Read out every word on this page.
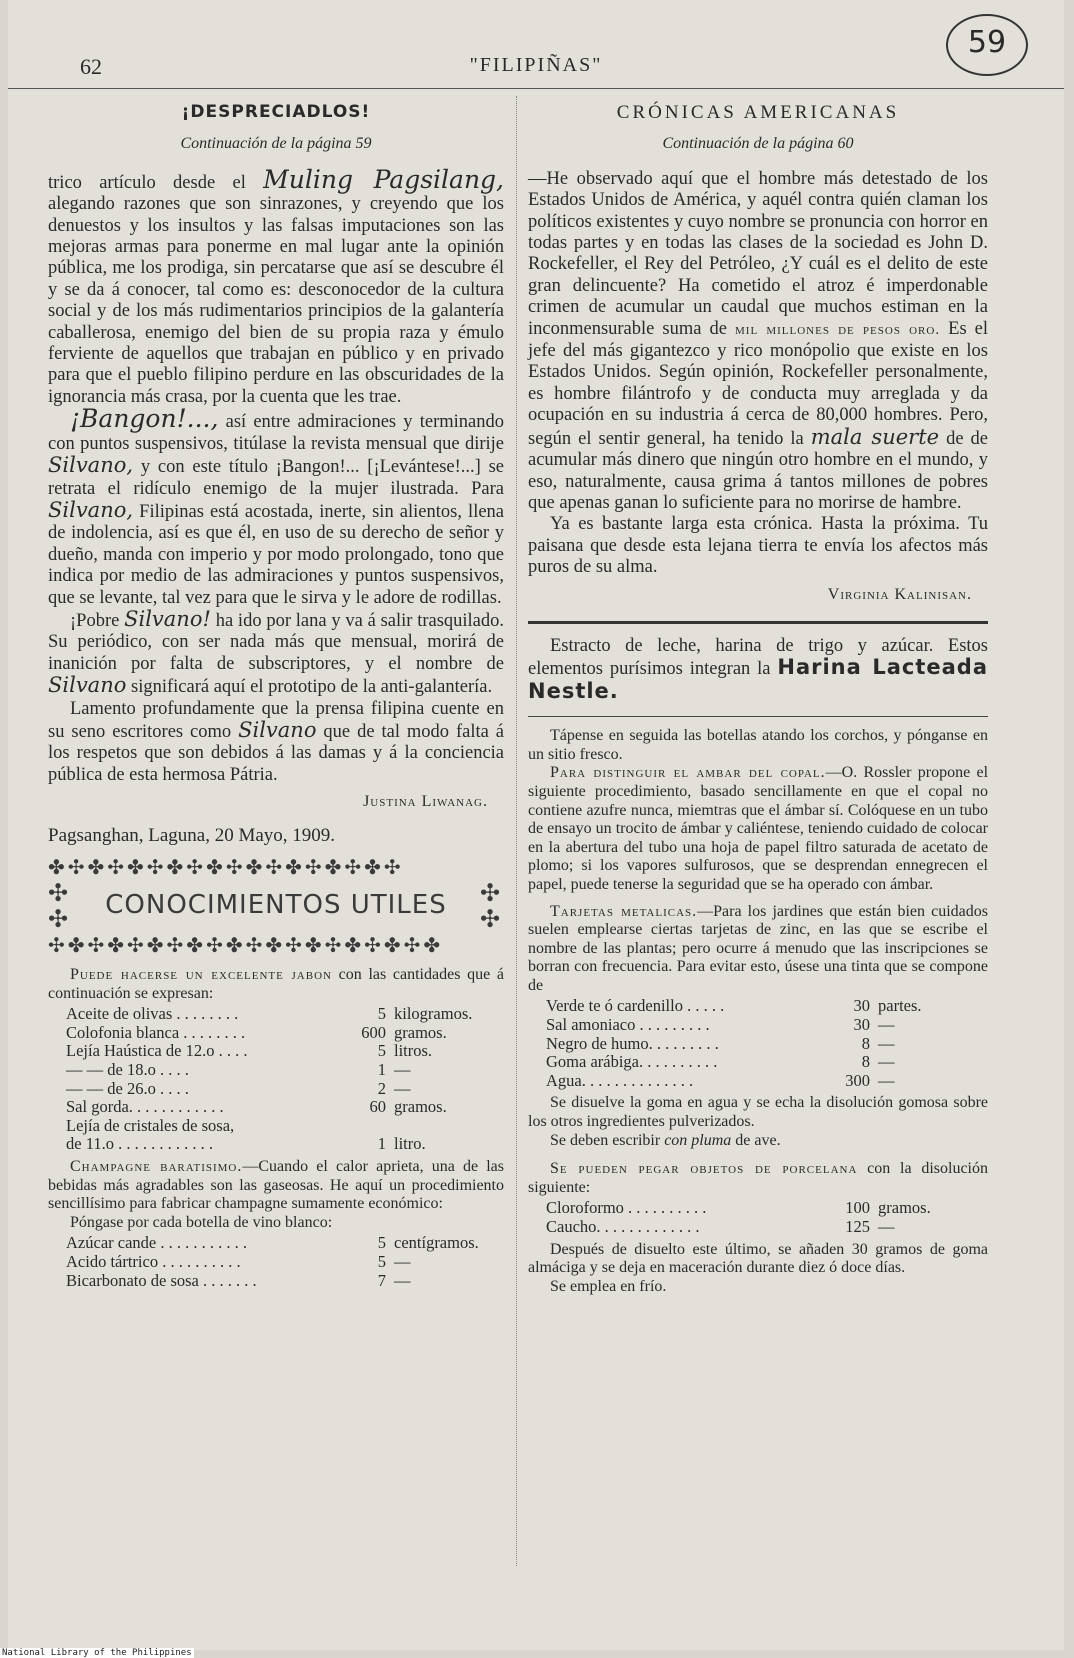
62	"FILIPIÑAS"
59
¡DESPRECIADLOS!
Continuación de la página 59

trico artículo desde el Muling Pagsilang, alegando razones que son sinrazones, y creyendo que los denuestos y los insultos y las falsas imputaciones son las mejoras armas para ponerme en mal lugar ante la opinión pública, me los prodiga, sin percatarse que así se descubre él y se da á conocer, tal como es: desconocedor de la cultura social y de los más rudimentarios principios de la galantería caballerosa, enemigo del bien de su propia raza y émulo ferviente de aquellos que trabajan en público y en privado para que el pueblo filipino perdure en las obscuridades de la ignorancia más crasa, por la cuenta que les trae.

¡Bangon!..., así entre admiraciones y terminando con puntos suspensivos, titúlase la revista mensual que dirije Silvano, y con este título ¡Bangon!... [¡Levántese!...] se retrata el ridículo enemigo de la mujer ilustrada. Para Silvano, Filipinas está acostada, inerte, sin alientos, llena de indolencia, así es que él, en uso de su derecho de señor y dueño, manda con imperio y por modo prolongado, tono que indica por medio de las admiraciones y puntos suspensivos, que se levante, tal vez para que le sirva y le adore de rodillas.

¡Pobre Silvano! ha ido por lana y va á salir trasquilado. Su periódico, con ser nada más que mensual, morirá de inanición por falta de subscriptores, y el nombre de Silvano significará aquí el prototipo de la anti-galantería.

Lamento profundamente que la prensa filipina cuente en su seno escritores como Silvano que de tal modo falta á los respetos que son debidos á las damas y á la conciencia pública de esta hermosa Pátria.

Justina Liwanag.
Pagsanghan, Laguna, 20 Mayo, 1909.
✤✣✤✣✤✣✤✣✤✣✤✣✤✣✤✣✤✣
✣
✣	CONOCIMIENTOS UTILES	✣
✣
✣✤✣✤✣✤✣✤✣✤✣✤✣✤✣✤✣✤✣✤

Puede hacerse un excelente jabon con las cantidades que á continuación se expresan:

Aceite de olivas . . . . . . . .	5	kilogramos.
Colofonia blanca . . . . . . . .	600	gramos.
Lejía Haústica de 12.o . . . .	5	litros.
— — de 18.o . . . .	1	—
— — de 26.o . . . .	2	—
Sal gorda. . . . . . . . . . . .	60	gramos.
Lejía de cristales de sosa,		
de 11.o . . . . . . . . . . . .	1	litro.

Champagne baratisimo.—Cuando el calor aprieta, una de las bebidas más agradables son las gaseosas. He aquí un procedimiento sencillísimo para fabricar champagne sumamente económico:

Póngase por cada botella de vino blanco:

Azúcar cande . . . . . . . . . . .	5	centígramos.
Acido tártrico . . . . . . . . . .	5	—
Bicarbonato de sosa . . . . . . .	7	—
CRÓNICAS AMERICANAS
Continuación de la página 60

—He observado aquí que el hombre más detestado de los Estados Unidos de América, y aquél contra quién claman los políticos existentes y cuyo nombre se pronuncia con horror en todas partes y en todas las clases de la sociedad es John D. Rockefeller, el Rey del Petróleo, ¿Y cuál es el delito de este gran delincuente? Ha cometido el atroz é imperdonable crimen de acumular un caudal que muchos estiman en la inconmensurable suma de mil millones de pesos oro. Es el jefe del más gigantezco y rico monópolio que existe en los Estados Unidos. Según opinión, Rockefeller personalmente, es hombre filántrofo y de conducta muy arreglada y da ocupación en su industria á cerca de 80,000 hombres. Pero, según el sentir general, ha tenido la mala suerte de de acumular más dinero que ningún otro hombre en el mundo, y eso, naturalmente, causa grima á tantos millones de pobres que apenas ganan lo suficiente para no morirse de hambre.

Ya es bastante larga esta crónica. Hasta la próxima. Tu paisana que desde esta lejana tierra te envía los afectos más puros de su alma.

Virginia Kalinisan.

Estracto de leche, harina de trigo y azúcar. Estos elementos purísimos integran la Harina Lacteada Nestle.

Tápense en seguida las botellas atando los corchos, y pónganse en un sitio fresco.

Para distinguir el ambar del copal.—O. Rossler propone el siguiente procedimiento, basado sencillamente en que el copal no contiene azufre nunca, miemtras que el ámbar sí. Colóquese en un tubo de ensayo un trocito de ámbar y caliéntese, teniendo cuidado de colocar en la abertura del tubo una hoja de papel filtro saturada de acetato de plomo; si los vapores sulfurosos, que se desprendan ennegrecen el papel, puede tenerse la seguridad que se ha operado con ámbar.

Tarjetas metalicas.—Para los jardines que están bien cuidados suelen emplearse ciertas tarjetas de zinc, en las que se escribe el nombre de las plantas; pero ocurre á menudo que las inscripciones se borran con frecuencia. Para evitar esto, úsese una tinta que se compone de

Verde te ó cardenillo . . . . .	30	partes.
Sal amoniaco . . . . . . . . .	30	—
Negro de humo. . . . . . . . .	8	—
Goma arábiga. . . . . . . . . .	8	—
Agua. . . . . . . . . . . . . .	300	—

Se disuelve la goma en agua y se echa la disolución gomosa sobre los otros ingredientes pulverizados.

Se deben escribir con pluma de ave.

Se pueden pegar objetos de porcelana con la disolución siguiente:

Cloroformo . . . . . . . . . .	100	gramos.
Caucho. . . . . . . . . . . . .	125	—

Después de disuelto este último, se añaden 30 gramos de goma almáciga y se deja en maceración durante diez ó doce días.

Se emplea en frío.

National Library of the Philippines
